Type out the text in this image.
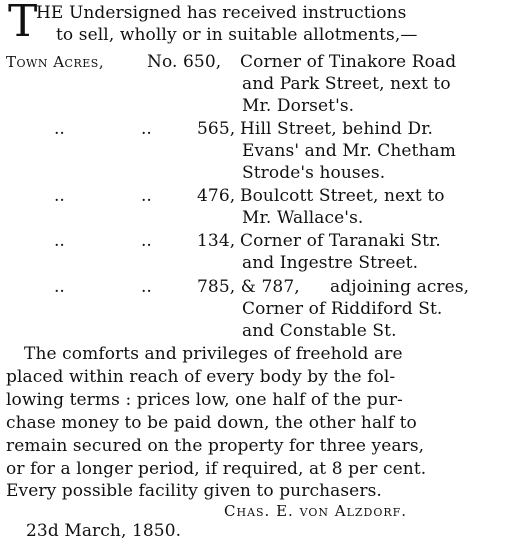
T
HE Undersigned has received instructions
to sell, wholly or in suitable allotments,—
Town Acres,	No. 650, Corner of Tinakore Road
and Park Street, next to
Mr. Dorset's.
..	..	565, Hill Street, behind Dr.
Evans' and Mr. Chetham
Strode's houses.
..	..	476, Boulcott Street, next to
Mr. Wallace's.
..	..	134, Corner of Taranaki Str.
and Ingestre Street.
..	..	785, & 787, adjoining acres,
Corner of Riddiford St.
and Constable St.
The comforts and privileges of freehold are
placed within reach of every body by the fol-
lowing terms : prices low, one half of the pur-
chase money to be paid down, the other half to
remain secured on the property for three years,
or for a longer period, if required, at 8 per cent.
Every possible facility given to purchasers.
Chas. E. von Alzdorf.
23d March, 1850.
